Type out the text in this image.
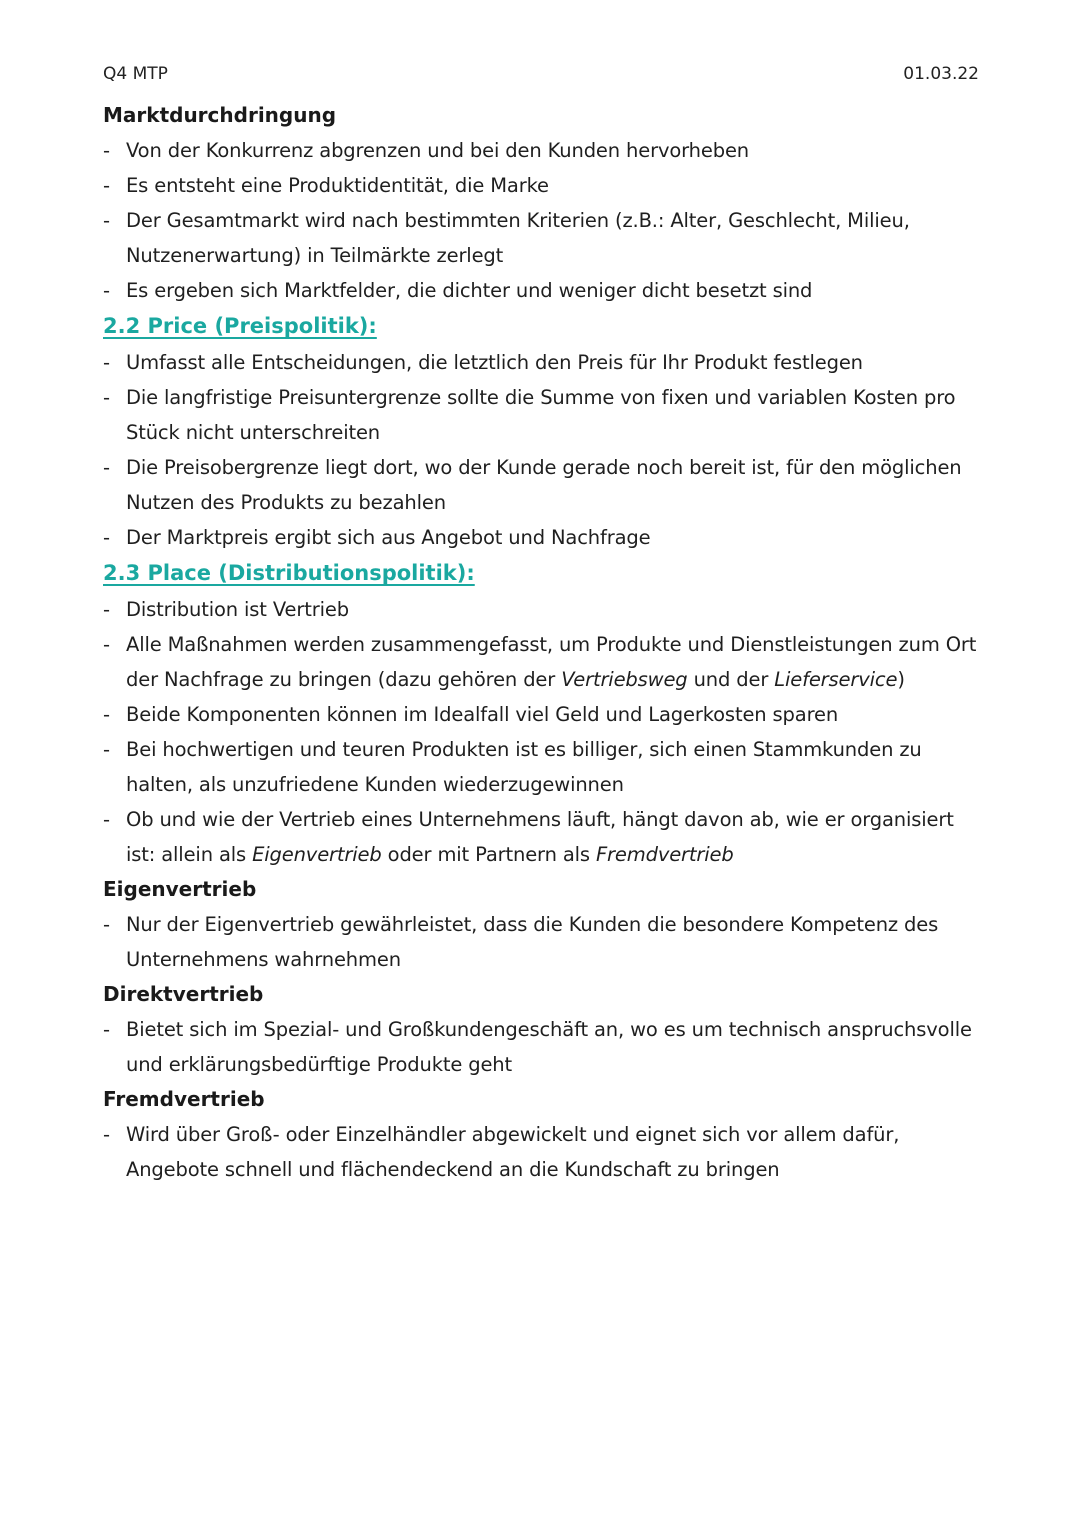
Q4 MTP	01.03.22
Marktdurchdringung
- Von der Konkurrenz abgrenzen und bei den Kunden hervorheben
- Es entsteht eine Produktidentität, die Marke
- Der Gesamtmarkt wird nach bestimmten Kriterien (z.B.: Alter, Geschlecht, Milieu, Nutzenerwartung) in Teilmärkte zerlegt
- Es ergeben sich Marktfelder, die dichter und weniger dicht besetzt sind
2.2 Price (Preispolitik):
- Umfasst alle Entscheidungen, die letztlich den Preis für Ihr Produkt festlegen
- Die langfristige Preisuntergrenze sollte die Summe von fixen und variablen Kosten pro Stück nicht unterschreiten
- Die Preisobergrenze liegt dort, wo der Kunde gerade noch bereit ist, für den möglichen Nutzen des Produkts zu bezahlen
- Der Marktpreis ergibt sich aus Angebot und Nachfrage
2.3 Place (Distributionspolitik):
- Distribution ist Vertrieb
- Alle Maßnahmen werden zusammengefasst, um Produkte und Dienstleistungen zum Ort der Nachfrage zu bringen (dazu gehören der Vertriebsweg und der Lieferservice)
- Beide Komponenten können im Idealfall viel Geld und Lagerkosten sparen
- Bei hochwertigen und teuren Produkten ist es billiger, sich einen Stammkunden zu halten, als unzufriedene Kunden wiederzugewinnen
- Ob und wie der Vertrieb eines Unternehmens läuft, hängt davon ab, wie er organisiert ist: allein als Eigenvertrieb oder mit Partnern als Fremdvertrieb
Eigenvertrieb
- Nur der Eigenvertrieb gewährleistet, dass die Kunden die besondere Kompetenz des Unternehmens wahrnehmen
Direktvertrieb
- Bietet sich im Spezial- und Großkundengeschäft an, wo es um technisch anspruchsvolle und erklärungsbedürftige Produkte geht
Fremdvertrieb
- Wird über Groß- oder Einzelhändler abgewickelt und eignet sich vor allem dafür, Angebote schnell und flächendeckend an die Kundschaft zu bringen
